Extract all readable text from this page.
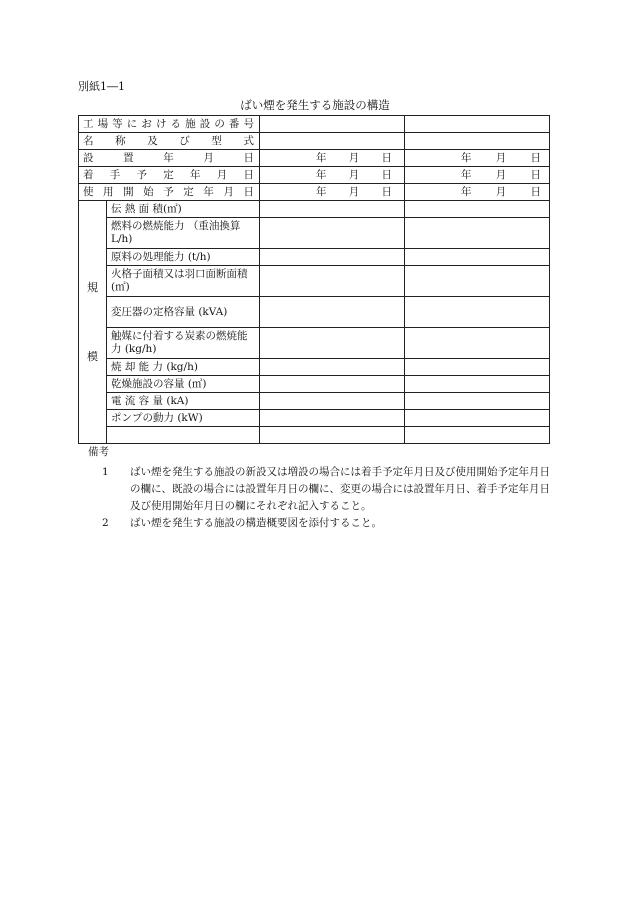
別紙1―1
ばい煙を発生する施設の構造
工場等における施設の番号			
名 称 及 び 型 式			
設 置 年 月 日		年 月 日	年 月 日

着 手 予 定 年 月 日		年 月 日	年 月 日

使 用 開 始 予 定 年 月 日		年 月 日	年 月 日

規
模	伝 熱 面 積(㎡)		
	燃料の燃焼能力 （重油換算L/h)		
	原料の処理能力 (t/h)		
	火格子面積又は羽口面断面積 (㎡)		
	変圧器の定格容量 (kVA)		
	触媒に付着する炭素の燃焼能力 (kg/h)		
	焼 却 能 力 (kg/h)		
	乾燥施設の容量 (㎥)		
	電 流 容 量 (kA)		
	ポンプの動力 (kW)		

備考
1	ばい煙を発生する施設の新設又は増設の場合には着手予定年月日及び使用開始予定年月日の欄に、既設の場合には設置年月日の欄に、変更の場合には設置年月日、着手予定年月日及び使用開始年月日の欄にそれぞれ記入すること。
2	ばい煙を発生する施設の構造概要図を添付すること。
